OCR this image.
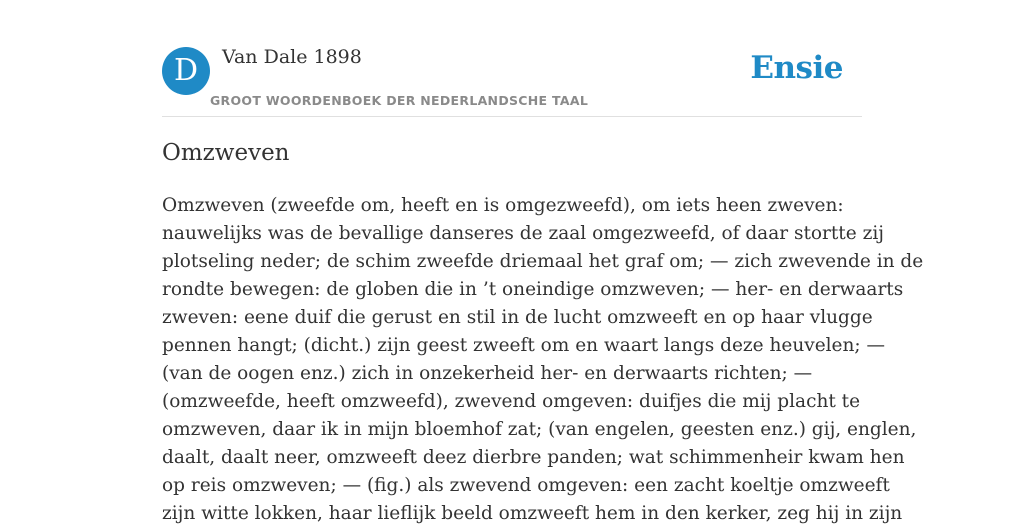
D	Van Dale 1898
GROOT WOORDENBOEK DER NEDERLANDSCHE TAAL
Ensie
Omzweven
Omzweven (zweefde om, heeft en is omgezweefd), om iets heen zweven:
nauwelijks was de bevallige danseres de zaal omgezweefd, of daar stortte zij
plotseling neder; de schim zweefde driemaal het graf om; — zich zwevende in de
rondte bewegen: de globen die in ’t oneindige omzweven; — her- en derwaarts
zweven: eene duif die gerust en stil in de lucht omzweeft en op haar vlugge
pennen hangt; (dicht.) zijn geest zweeft om en waart langs deze heuvelen; —
(van de oogen enz.) zich in onzekerheid her- en derwaarts richten; —
(omzweefde, heeft omzweefd), zwevend omgeven: duifjes die mij placht te
omzweven, daar ik in mijn bloemhof zat; (van engelen, geesten enz.) gij, englen,
daalt, daalt neer, omzweeft deez dierbre panden; wat schimmenheir kwam hen
op reis omzweven; — (fig.) als zwevend omgeven: een zacht koeltje omzweeft
zijn witte lokken, haar lieflijk beeld omzweeft hem in den kerker, zeg hij in zijn
